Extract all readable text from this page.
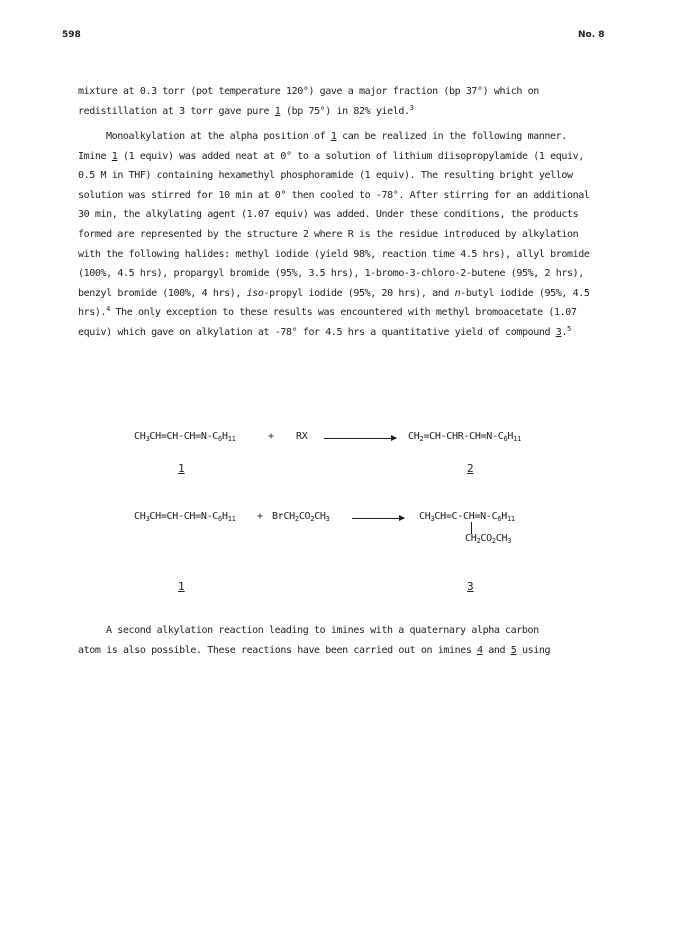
598	No. 8

mixture at 0.3 torr (pot temperature 120°) gave a major fraction (bp 37°) which on

redistillation at 3 torr gave pure 1 (bp 75°) in 82% yield.$^3$

Monoalkylation at the alpha position of 1 can be realized in the following manner.
Imine 1 (1 equiv) was added neat at 0° to a solution of lithium diisopropylamide (1 equiv, 0.5 M in THF) containing hexamethyl phosphoramide (1 equiv). The resulting bright yellow solution was stirred for 10 min at 0° then cooled to -78°. After stirring for an additional 30 min, the alkylating agent (1.07 equiv) was added. Under these conditions, the products formed are represented by the structure 2 where R is the residue introduced by alkylation with the following halides: methyl iodide (yield 98%, reaction time 4.5 hrs), allyl bromide (100%, 4.5 hrs), propargyl bromide (95%, 3.5 hrs), 1-bromo-3-chloro-2-butene (95%, 2 hrs), benzyl bromide (100%, 4 hrs), iso-propyl iodide (95%, 20 hrs), and n-butyl iodide (95%, 4.5 hrs).$^4$ The only exception to these results was encountered with methyl bromoacetate (1.07 equiv) which gave on alkylation at -78° for 4.5 hrs a quantitative yield of compound 3.$^5$

$CH_3CH=CH-CH=N-C_6H_{11}$	+ RX	$CH_2=CH-CHR-CH=N-C_6H_{11}$
1	2
$CH_3CH=CH-CH=N-C_6H_{11}$ + $BrCH_2CO_2CH_3 \to CH_3CH=C-CH=N-C_6H_{11}$
$CH_2CO_2CH_3$
1	3

A second alkylation reaction leading to imines with a quaternary alpha carbon

atom is also possible. These reactions have been carried out on imines 4 and 5 using
